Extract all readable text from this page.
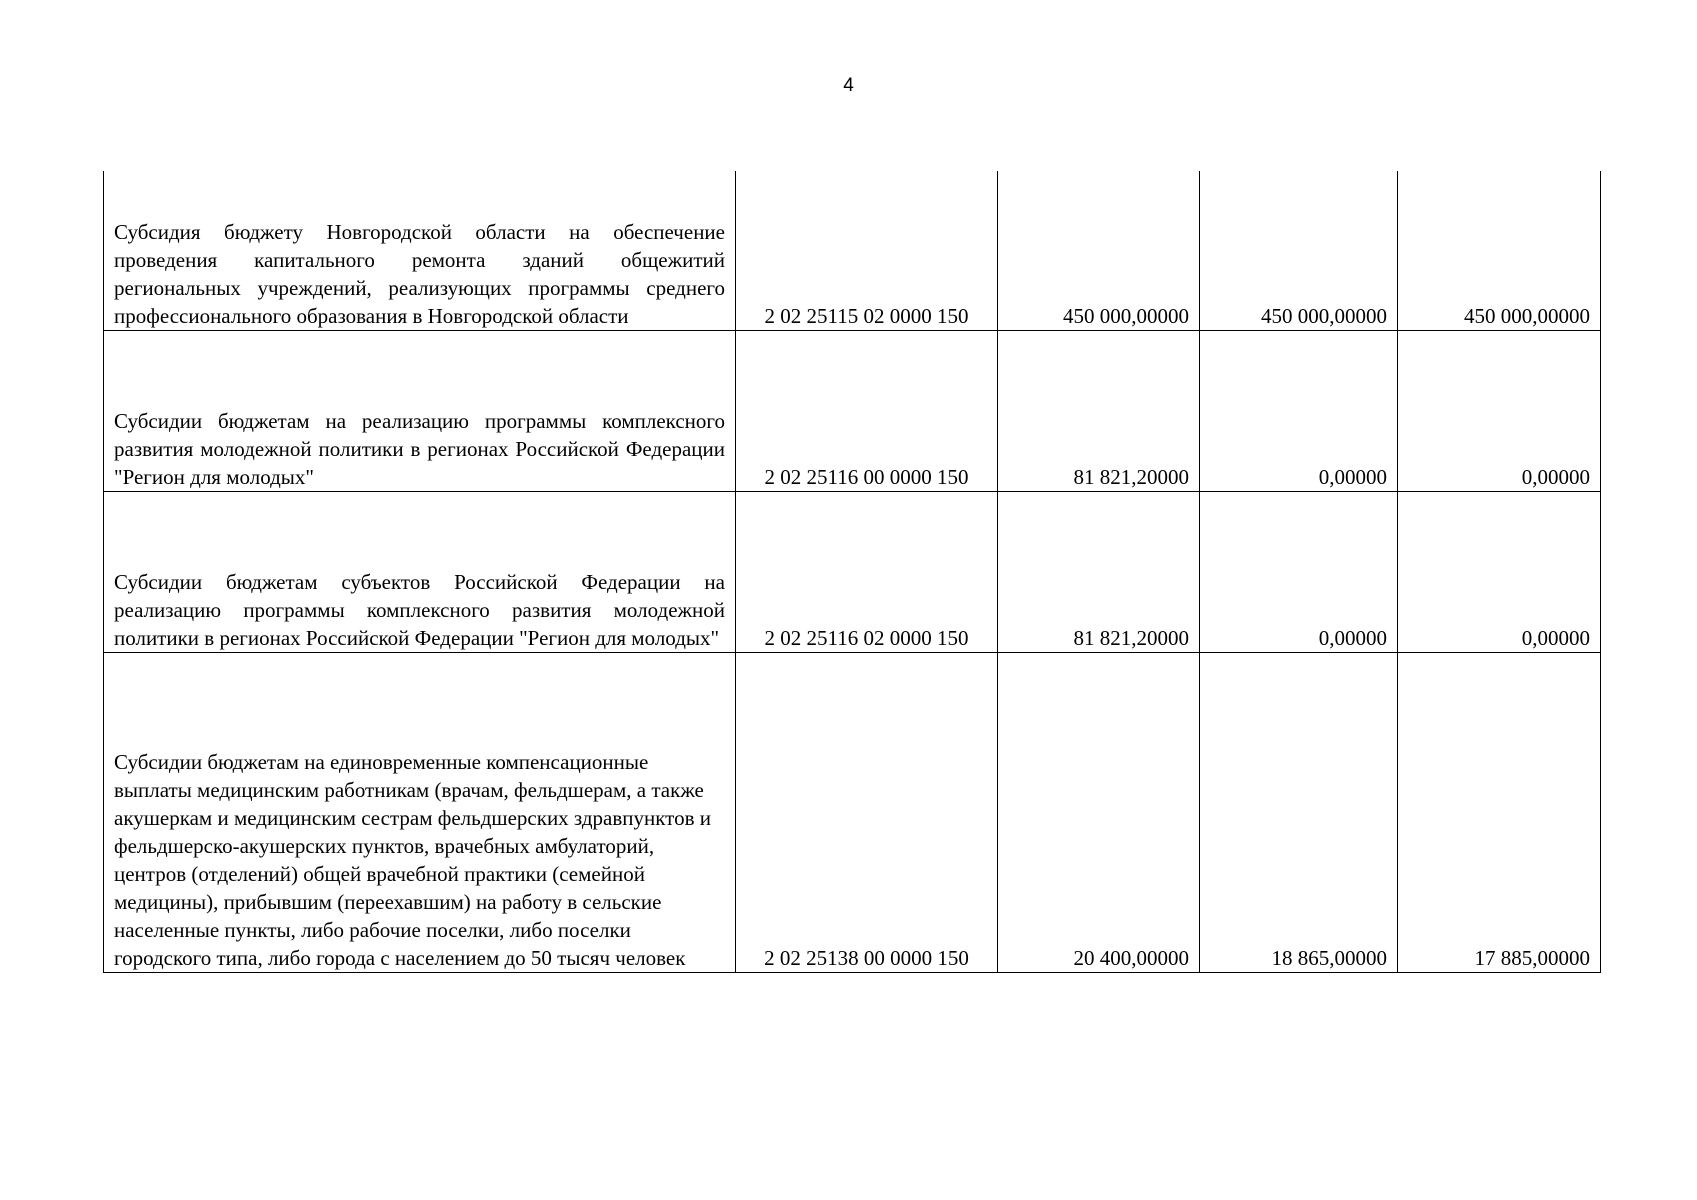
4
Субсидия бюджету Новгородской области на обеспечение проведения капитального ремонта зданий общежитий региональных учреждений, реализующих программы среднего профессионального образования в Новгородской области	2 02 25115 02 0000 150	450 000,00000	450 000,00000	450 000,00000

Субсидии бюджетам на реализацию программы комплексного развития молодежной политики в регионах Российской Федерации "Регион для молодых"	2 02 25116 00 0000 150	81 821,20000	0,00000	0,00000

Субсидии бюджетам субъектов Российской Федерации на реализацию программы комплексного развития молодежной политики в регионах Российской Федерации "Регион для молодых"	2 02 25116 02 0000 150	81 821,20000	0,00000	0,00000

Субсидии бюджетам на единовременные компенсационные выплаты медицинским работникам (врачам, фельдшерам, а также акушеркам и медицинским сестрам фельдшерских здравпунктов и фельдшерско-акушерских пунктов, врачебных амбулаторий, центров (отделений) общей врачебной практики (семейной медицины), прибывшим (переехавшим) на работу в сельские населенные пункты, либо рабочие поселки, либо поселки городского типа, либо города с населением до 50 тысяч человек	2 02 25138 00 0000 150	20 400,00000	18 865,00000	17 885,00000
